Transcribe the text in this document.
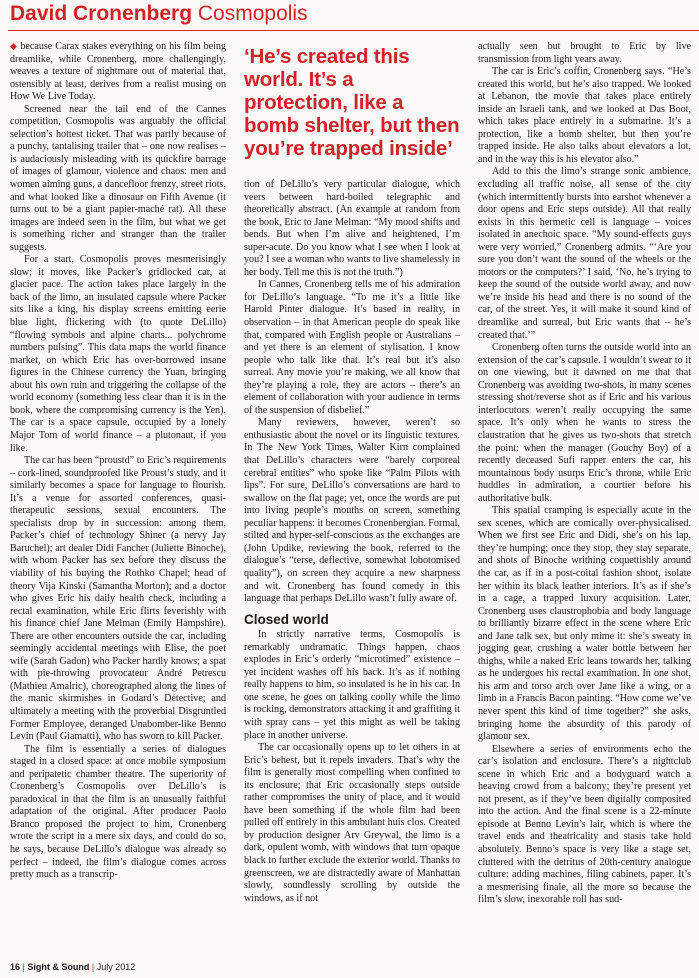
David Cronenberg Cosmopolis

◆ because Carax stakes everything on his film being dreamlike, while Cronenberg, more challengingly, weaves a texture of nightmare out of material that, ostensibly at least, derives from a realist musing on How We Live Today.

Screened near the tail end of the Cannes competition, Cosmopolis was arguably the official selection’s hottest ticket. That was partly because of a punchy, tantalising trailer that – one now realises – is audaciously misleading with its quickfire barrage of images of glamour, violence and chaos: men and women aiming guns, a dancefloor frenzy, street riots, and what looked like a dinosaur on Fifth Avenue (it turns out to be a giant papier-maché rat). All these images are indeed seen in the film, but what we get is something richer and stranger than the trailer suggests.

For a start, Cosmopolis proves mesmerisingly slow; it moves, like Packer’s gridlocked car, at glacier pace. The action takes place largely in the back of the limo, an insulated capsule where Packer sits like a king, his display screens emitting eerie blue light, flickering with (to quote DeLillo) “flowing symbols and alpine charts... polychrome numbers pulsing”. This data maps the world finance market, on which Eric has over-borrowed insane figures in the Chinese currency the Yuan, bringing about his own ruin and triggering the collapse of the world economy (something less clear than it is in the book, where the compromising currency is the Yen). The car is a space capsule, occupied by a lonely Major Tom of world finance – a plutonaut, if you like.

The car has been “proustd” to Eric’s requirements – cork-lined, soundproofed like Proust’s study, and it similarly becomes a space for language to flourish. It’s a venue for assorted conferences, quasi-therapeutic sessions, sexual encounters. The specialists drop by in succession: among them, Packer’s chief of technology Shiner (a nervy Jay Baruchel); art dealer Didi Fancher (Juliette Binoche), with whom Packer has sex before they discuss the viability of his buying the Rothko Chapel; head of theory Vija Kinski (Samantha Morton); and a doctor who gives Eric his daily health check, including a rectal examination, while Eric flirts feverishly with his finance chief Jane Melman (Emily Hampshire). There are other encounters outside the car, including seemingly accidental meetings with Elise, the poet wife (Sarah Gadon) who Packer hardly knows; a spat with pie-throwing provocateur André Petrescu (Mathieu Amalric), choreographed along the lines of the manic skirmishes in Godard’s Détective; and ultimately a meeting with the proverbial Disgruntled Former Employee, deranged Unabomber-like Benno Levin (Paul Giamatti), who has sworn to kill Packer.

The film is essentially a series of dialogues staged in a closed space: at once mobile symposium and peripatetic chamber theatre. The superiority of Cronenberg’s Cosmopolis over DeLillo’s is paradoxical in that the film is an unusually faithful adaptation of the original. After producer Paolo Branco proposed the project to him, Cronenberg wrote the script in a mere six days, and could do so, he says, because DeLillo’s dialogue was already so perfect – indeed, the film’s dialogue comes across pretty much as a transcrip-

‘He’s created this world. It’s a protection, like a bomb shelter, but then you’re trapped inside’

tion of DeLillo’s very particular dialogue, which veers between hard-boiled telegraphic and theoretically abstract. (An example at random from the book, Eric to Jane Melman: “My mood shifts and bends. But when I’m alive and heightened, I’m super-acute. Do you know what I see when I look at you? I see a woman who wants to live shamelessly in her body. Tell me this is not the truth.”)

In Cannes, Cronenberg tells me of his admiration for DeLillo’s language. “To me it’s a little like Harold Pinter dialogue. It’s based in reality, in observation – in that American people do speak like that, compared with English people or Australians – and yet there is an element of stylisation. I know people who talk like that. It’s real but it’s also surreal. Any movie you’re making, we all know that they’re playing a role, they are actors – there’s an element of collaboration with your audience in terms of the suspension of disbelief.”

Many reviewers, however, weren’t so enthusiastic about the novel or its linguistic textures. In The New York Times, Walter Kirn complained that DeLillo’s characters were “barely corporeal cerebral entities” who spoke like “Palm Pilots with lips”. For sure, DeLillo’s conversations are hard to swallow on the flat page; yet, once the words are put into living people’s mouths on screen, something peculiar happens: it becomes Cronenbergian. Formal, stilted and hyper-self-conscious as the exchanges are (John Updike, reviewing the book, referred to the dialogue’s “terse, deflective, somewhat lobotomised quality”), on screen they acquire a new sharpness and wit. Cronenberg has found comedy in this language that perhaps DeLillo wasn’t fully aware of.

Closed world

In strictly narrative terms, Cosmopolis is remarkably undramatic. Things happen, chaos explodes in Eric’s orderly “microtimed” existence – yet incident washes off his back. It’s as if nothing really happens to him, so insulated is he in his car. In one scene, he goes on talking coolly while the limo is rocking, demonstrators attacking it and graffiting it with spray cans – yet this might as well be taking place in another universe.

The car occasionally opens up to let others in at Eric’s behest, but it repels invaders. That’s why the film is generally most compelling when confined to its enclosure; that Eric occasionally steps outside rather compromises the unity of place, and it would have been something if the whole film had been pulled off entirely in this ambulant huis clos. Created by production designer Arv Greywal, the limo is a dark, opulent womb, with windows that turn opaque black to further exclude the exterior world. Thanks to greenscreen, we are distractedly aware of Manhattan slowly, soundlessly scrolling by outside the windows, as if not

actually seen but brought to Eric by live transmission from light years away.

The car is Eric’s coffin, Cronenberg says. “He’s created this world, but he’s also trapped. We looked at Lebanon, the movie that takes place entirely inside an Israeli tank, and we looked at Das Boot, which takes place entirely in a submarine. It’s a protection, like a bomb shelter, but then you’re trapped inside. He also talks about elevators a lot, and in the way this is his elevator also.”

Add to this the limo’s strange sonic ambience, excluding all traffic noise, all sense of the city (which intermittently bursts into earshot whenever a door opens and Eric steps outside). All that really exists in this hermetic cell is language – voices isolated in anechoic space. “My sound-effects guys were very worried,” Cronenberg admits. “‘Are you sure you don’t want the sound of the wheels or the motors or the computers?’ I said, ‘No, he’s trying to keep the sound of the outside world away, and now we’re inside his head and there is no sound of the car, of the street. Yes, it will make it sound kind of dreamlike and surreal, but Eric wants that – he’s created that.’”

Cronenberg often turns the outside world into an extension of the car’s capsule. I wouldn’t swear to it on one viewing, but it dawned on me that that Cronenberg was avoiding two-shots, in many scenes stressing shot/reverse shot as if Eric and his various interlocutors weren’t really occupying the same space. It’s only when he wants to stress the claustration that he gives us two-shots that stretch the point: when the manager (Gouchy Boy) of a recently deceased Sufi rapper enters the car, his mountainous body usurps Eric’s throne, while Eric huddles in admiration, a courtier before his authoritative bulk.

This spatial cramping is especially acute in the sex scenes, which are comically over-physicalised. When we first see Eric and Didi, she’s on his lap, they’re humping; once they stop, they stay separate, and shots of Binoche writhing coquettishly around the car, as if in a post-coital fashion shoot, isolate her within its black leather interiors. It’s as if she’s in a cage, a trapped luxury acquisition. Later, Cronenberg uses claustrophobia and body language to brilliantly bizarre effect in the scene where Eric and Jane talk sex, but only mime it: she’s sweaty in jogging gear, crushing a water bottle between her thighs, while a naked Eric leans towards her, talking as he undergoes his rectal examination. In one shot, his arm and torso arch over Jane like a wing, or a limb in a Francis Bacon painting. “How come we’ve never spent this kind of time together?” she asks, bringing home the absurdity of this parody of glamour sex.

Elsewhere a series of environments echo the car’s isolation and enclosure. There’s a nightclub scene in which Eric and a bodyguard watch a heaving crowd from a balcony; they’re present yet not present, as if they’ve been digitally composited into the action. And the final scene is a 22-minute episode at Benno Levin’s lair, which is where the travel ends and theatricality and stasis take hold absolutely. Benno’s space is very like a stage set, cluttered with the detritus of 20th-century analogue culture: adding machines, filing cabinets, paper. It’s a mesmerising finale, all the more so because the film’s slow, inexorable roll has sud-

16 | Sight & Sound | July 2012
